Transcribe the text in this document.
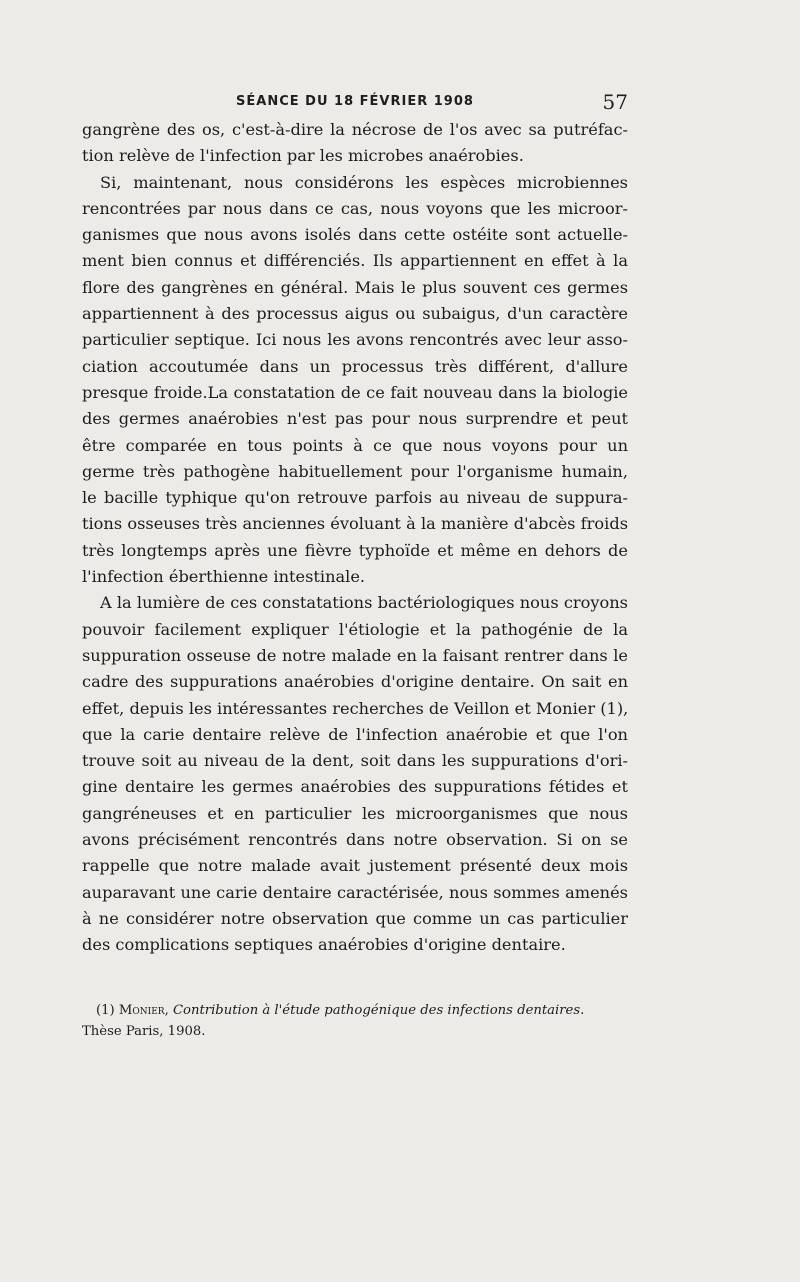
SÉANCE DU 18 FÉVRIER 1908	57
gangrène des os, c'est-à-dire la nécrose de l'os avec sa putréfac-
tion relève de l'infection par les microbes anaérobies.
Si, maintenant, nous considérons les espèces microbiennes
rencontrées par nous dans ce cas, nous voyons que les microor-
ganismes que nous avons isolés dans cette ostéite sont actuelle-
ment bien connus et différenciés. Ils appartiennent en effet à la
flore des gangrènes en général. Mais le plus souvent ces germes
appartiennent à des processus aigus ou subaigus, d'un caractère
particulier septique. Ici nous les avons rencontrés avec leur asso-
ciation accoutumée dans un processus très différent, d'allure
presque froide.La constatation de ce fait nouveau dans la biologie
des germes anaérobies n'est pas pour nous surprendre et peut
être comparée en tous points à ce que nous voyons pour un
germe très pathogène habituellement pour l'organisme humain,
le bacille typhique qu'on retrouve parfois au niveau de suppura-
tions osseuses très anciennes évoluant à la manière d'abcès froids
très longtemps après une fièvre typhoïde et même en dehors de
l'infection éberthienne intestinale.
A la lumière de ces constatations bactériologiques nous croyons
pouvoir facilement expliquer l'étiologie et la pathogénie de la
suppuration osseuse de notre malade en la faisant rentrer dans le
cadre des suppurations anaérobies d'origine dentaire. On sait en
effet, depuis les intéressantes recherches de Veillon et Monier (1),
que la carie dentaire relève de l'infection anaérobie et que l'on
trouve soit au niveau de la dent, soit dans les suppurations d'ori-
gine dentaire les germes anaérobies des suppurations fétides et
gangréneuses et en particulier les microorganismes que nous
avons précisément rencontrés dans notre observation. Si on se
rappelle que notre malade avait justement présenté deux mois
auparavant une carie dentaire caractérisée, nous sommes amenés
à ne considérer notre observation que comme un cas particulier
des complications septiques anaérobies d'origine dentaire.
(1) Monier, Contribution à l'étude pathogénique des infections dentaires.
Thèse Paris, 1908.
